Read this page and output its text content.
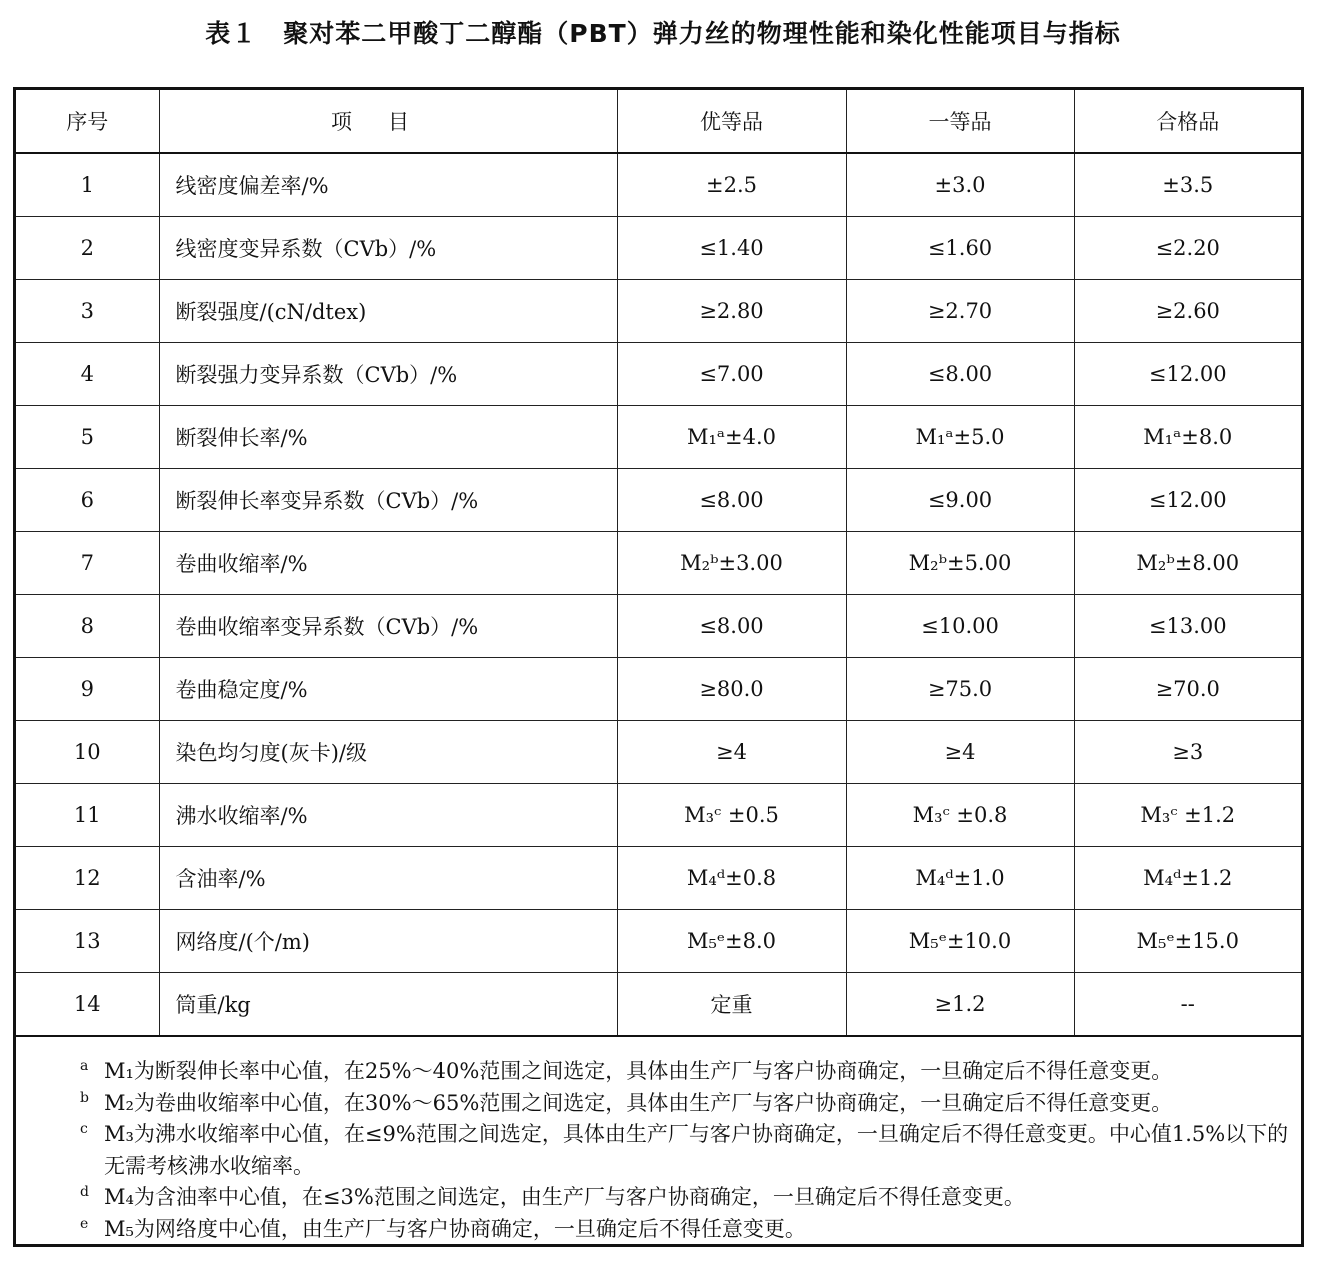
表１　聚对苯二甲酸丁二醇酯（PBT）弹力丝的物理性能和染化性能项目与指标
序号	项目	优等品	一等品	合格品
1	线密度偏差率/%	±2.5	±3.0	±3.5
2	线密度变异系数（CVb）/%	≤1.40	≤1.60	≤2.20
3	断裂强度/(cN/dtex)	≥2.80	≥2.70	≥2.60
4	断裂强力变异系数（CVb）/%	≤7.00	≤8.00	≤12.00
5	断裂伸长率/%	M₁ᵃ±4.0	M₁ᵃ±5.0	M₁ᵃ±8.0
6	断裂伸长率变异系数（CVb）/%	≤8.00	≤9.00	≤12.00
7	卷曲收缩率/%	M₂ᵇ±3.00	M₂ᵇ±5.00	M₂ᵇ±8.00
8	卷曲收缩率变异系数（CVb）/%	≤8.00	≤10.00	≤13.00
9	卷曲稳定度/%	≥80.0	≥75.0	≥70.0
10	染色均匀度(灰卡)/级	≥4	≥4	≥3
11	沸水收缩率/%	M₃ᶜ ±0.5	M₃ᶜ ±0.8	M₃ᶜ ±1.2
12	含油率/%	M₄ᵈ±0.8	M₄ᵈ±1.0	M₄ᵈ±1.2
13	网络度/(个/m)	M₅ᵉ±8.0	M₅ᵉ±10.0	M₅ᵉ±15.0
14	筒重/kg	定重	≥1.2	--
a M₁为断裂伸长率中心值，在25%～40%范围之间选定，具体由生产厂与客户协商确定，一旦确定后不得任意变更。
b M₂为卷曲收缩率中心值，在30%～65%范围之间选定，具体由生产厂与客户协商确定，一旦确定后不得任意变更。
c M₃为沸水收缩率中心值，在≤9%范围之间选定，具体由生产厂与客户协商确定，一旦确定后不得任意变更。中心值1.5%以下的无需考核沸水收缩率。
d M₄为含油率中心值，在≤3%范围之间选定，由生产厂与客户协商确定，一旦确定后不得任意变更。
e M₅为网络度中心值，由生产厂与客户协商确定，一旦确定后不得任意变更。
